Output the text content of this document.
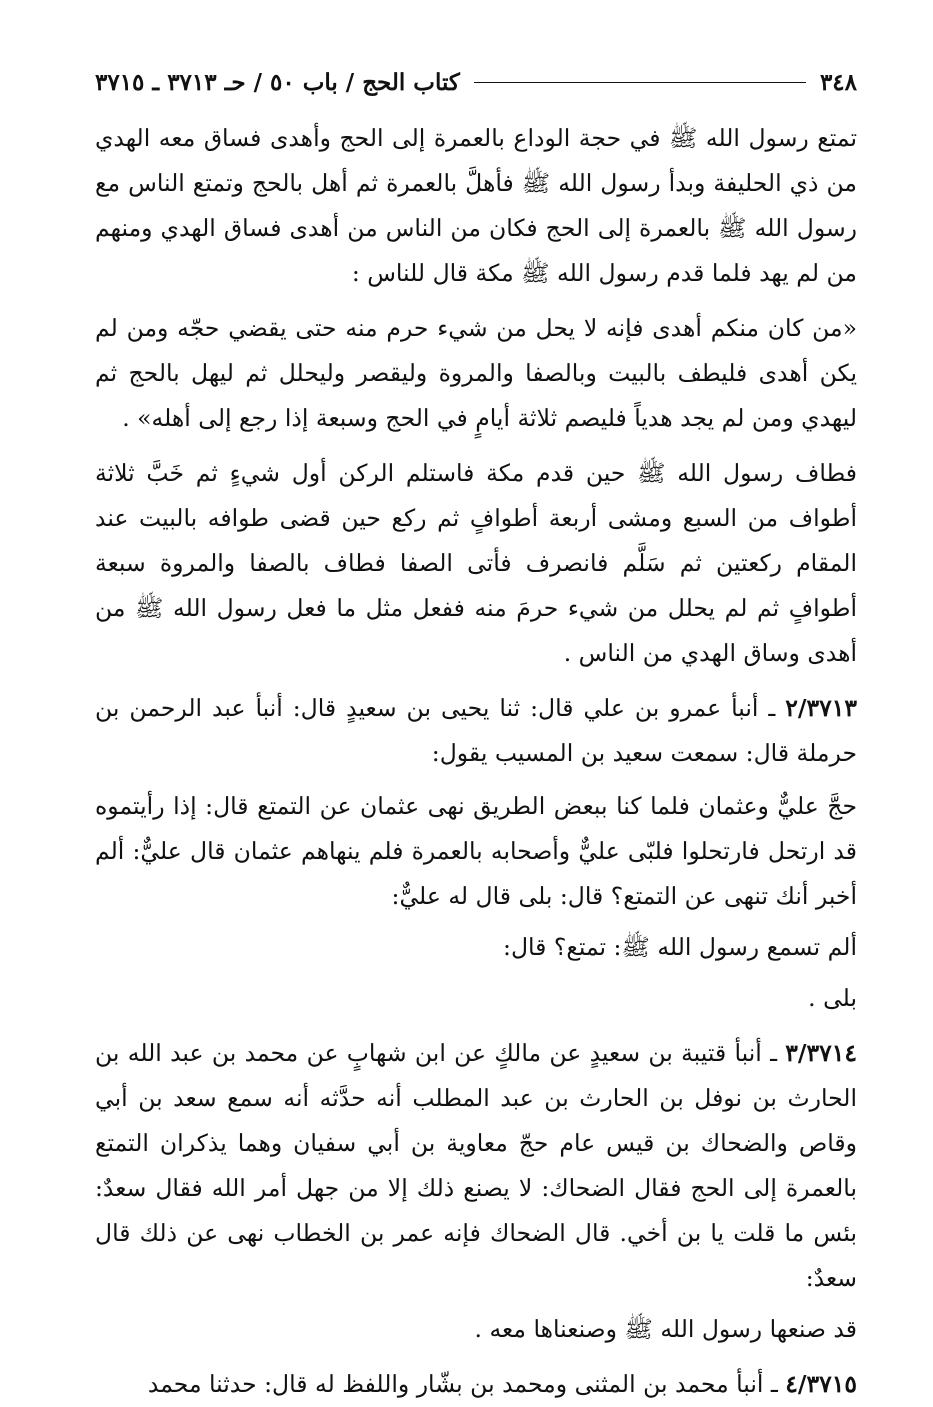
٣٤٨
كتاب الحج / باب ٥٠ / حـ ٣٧١٣ ـ ٣٧١٥

تمتع رسول الله ﷺ في حجة الوداع بالعمرة إلى الحج وأهدى فساق معه الهدي من ذي الحليفة وبدأ رسول الله ﷺ فأهلَّ بالعمرة ثم أهل بالحج وتمتع الناس مع رسول الله ﷺ بالعمرة إلى الحج فكان من الناس من أهدى فساق الهدي ومنهم من لم يهد فلما قدم رسول الله ﷺ مكة قال للناس :

«من كان منكم أهدى فإنه لا يحل من شيء حرم منه حتى يقضي حجّه ومن لم يكن أهدى فليطف بالبيت وبالصفا والمروة وليقصر وليحلل ثم ليهل بالحج ثم ليهدي ومن لم يجد هدياً فليصم ثلاثة أيامٍ في الحج وسبعة إذا رجع إلى أهله» .

فطاف رسول الله ﷺ حين قدم مكة فاستلم الركن أول شيءٍ ثم خَبَّ ثلاثة أطواف من السبع ومشى أربعة أطوافٍ ثم ركع حين قضى طوافه بالبيت عند المقام ركعتين ثم سَلَّم فانصرف فأتى الصفا فطاف بالصفا والمروة سبعة أطوافٍ ثم لم يحلل من شيء حرمَ منه ففعل مثل ما فعل رسول الله ﷺ من أهدى وساق الهدي من الناس .

٢/٣٧١٣ ـ أنبأ عمرو بن علي قال: ثنا يحيى بن سعيدٍ قال: أنبأ عبد الرحمن بن حرملة قال: سمعت سعيد بن المسيب يقول:

حجَّ عليٌّ وعثمان فلما كنا ببعض الطريق نهى عثمان عن التمتع قال: إذا رأيتموه قد ارتحل فارتحلوا فلبّى عليٌّ وأصحابه بالعمرة فلم ينهاهم عثمان قال عليٌّ: ألم أخبر أنك تنهى عن التمتع؟ قال: بلى قال له عليٌّ:

ألم تسمع رسول الله ﷺ: تمتع؟ قال:

بلى .

٣/٣٧١٤ ـ أنبأ قتيبة بن سعيدٍ عن مالكٍ عن ابن شهابٍ عن محمد بن عبد الله بن الحارث بن نوفل بن الحارث بن عبد المطلب أنه حدَّثه أنه سمع سعد بن أبي وقاص والضحاك بن قيس عام حجّ معاوية بن أبي سفيان وهما يذكران التمتع بالعمرة إلى الحج فقال الضحاك: لا يصنع ذلك إلا من جهل أمر الله فقال سعدٌ: بئس ما قلت يا بن أخي. قال الضحاك فإنه عمر بن الخطاب نهى عن ذلك قال سعدٌ:

قد صنعها رسول الله ﷺ وصنعناها معه .

٤/٣٧١٥ ـ أنبأ محمد بن المثنى ومحمد بن بشّار واللفظ له قال: حدثنا محمد
